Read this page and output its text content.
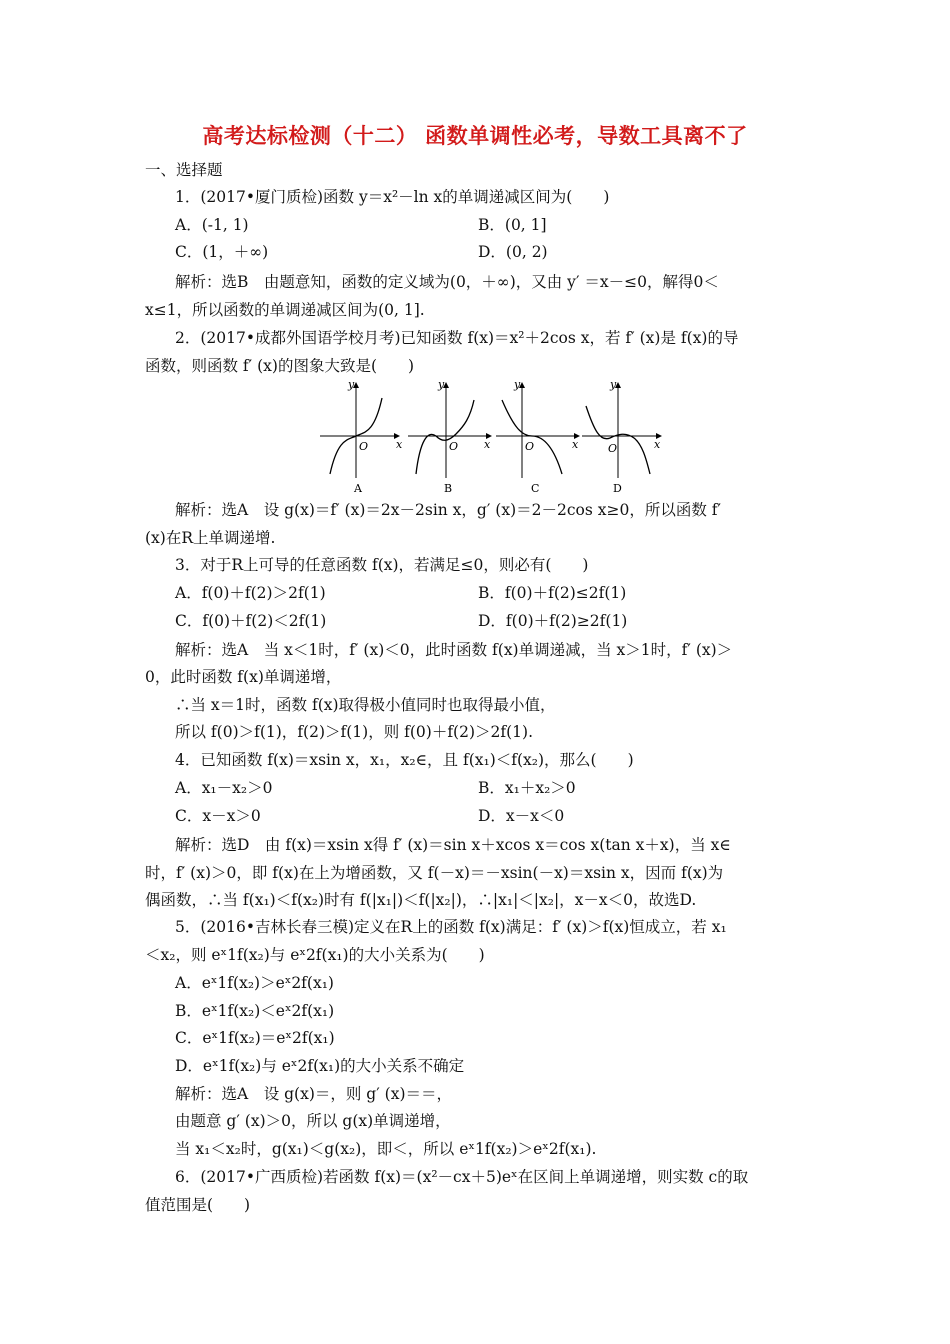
高考达标检测（十二） 函数单调性必考，导数工具离不了
一、选择题
1．(2017•厦门质检)函数 y＝x²－ln x的单调递减区间为(　　)
A．(-1, 1)	B．(0, 1]
C．(1，＋∞)	D．(0, 2)
解析：选B　由题意知，函数的定义域为(0，＋∞)，又由 y′ ＝x－≤0，解得0＜
x≤1，所以函数的单调递减区间为(0, 1].
2．(2017•成都外国语学校月考)已知函数 f(x)＝x²＋2cos x，若 f′ (x)是 f(x)的导
函数，则函数 f′ (x)的图象大致是(　　)
y
x
O
A
y
x
O
B
y
x
O
C
y
x
O
D
解析：选A　设 g(x)＝f′ (x)＝2x－2sin x，g′ (x)＝2－2cos x≥0，所以函数 f′
(x)在R上单调递增.
3．对于R上可导的任意函数 f(x)，若满足≤0，则必有(　　)
A．f(0)＋f(2)＞2f(1)	B．f(0)＋f(2)≤2f(1)
C．f(0)＋f(2)＜2f(1)	D．f(0)＋f(2)≥2f(1)
解析：选A　当 x＜1时，f′ (x)＜0，此时函数 f(x)单调递减，当 x＞1时，f′ (x)＞
0，此时函数 f(x)单调递增，
∴当 x＝1时，函数 f(x)取得极小值同时也取得最小值，
所以 f(0)＞f(1)，f(2)＞f(1)，则 f(0)＋f(2)＞2f(1).
4．已知函数 f(x)＝xsin x，x₁，x₂∈，且 f(x₁)＜f(x₂)，那么(　　)
A．x₁－x₂＞0	B．x₁＋x₂＞0
C．x－x＞0	D．x－x＜0
解析：选D　由 f(x)＝xsin x得 f′ (x)＝sin x＋xcos x＝cos x(tan x＋x)，当 x∈
时，f′ (x)＞0，即 f(x)在上为增函数，又 f(－x)＝－xsin(－x)＝xsin x，因而 f(x)为
偶函数，∴当 f(x₁)＜f(x₂)时有 f(|x₁|)＜f(|x₂|)，∴|x₁|＜|x₂|，x－x＜0，故选D.
5．(2016•吉林长春三模)定义在R上的函数 f(x)满足：f′ (x)＞f(x)恒成立，若 x₁
＜x₂，则 eˣ1f(x₂)与 eˣ2f(x₁)的大小关系为(　　)
A．eˣ1f(x₂)＞eˣ2f(x₁)
B．eˣ1f(x₂)＜eˣ2f(x₁)
C．eˣ1f(x₂)＝eˣ2f(x₁)
D．eˣ1f(x₂)与 eˣ2f(x₁)的大小关系不确定
解析：选A　设 g(x)＝，则 g′ (x)＝＝，
由题意 g′ (x)＞0，所以 g(x)单调递增，
当 x₁＜x₂时，g(x₁)＜g(x₂)，即＜，所以 eˣ1f(x₂)＞eˣ2f(x₁).
6．(2017•广西质检)若函数 f(x)＝(x²－cx＋5)eˣ在区间上单调递增，则实数 c的取
值范围是(　　)
